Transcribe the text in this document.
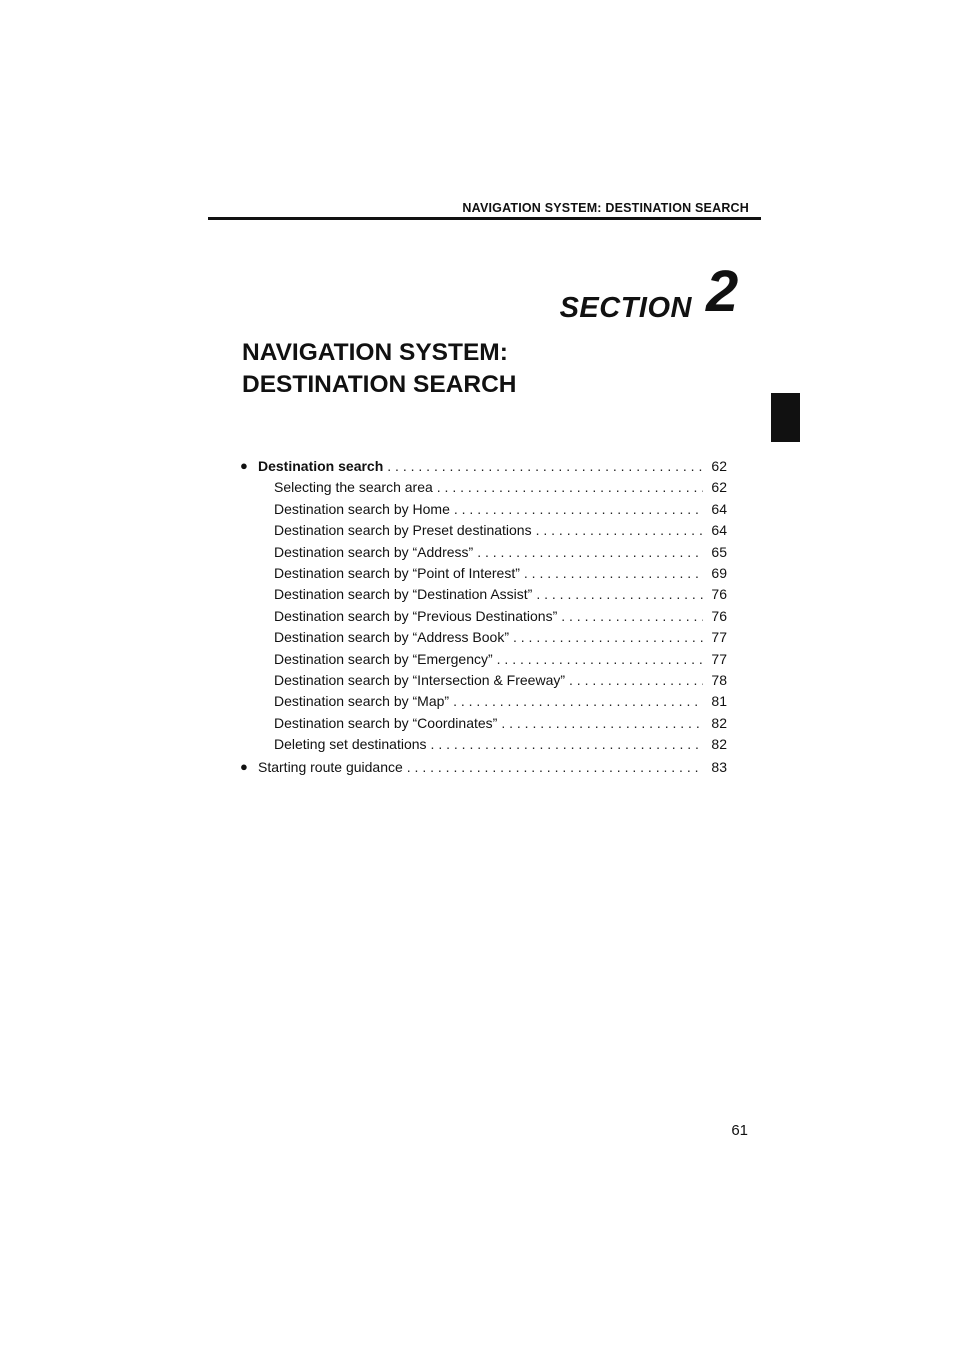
NAVIGATION SYSTEM: DESTINATION SEARCH
SECTION 2
NAVIGATION SYSTEM:
DESTINATION SEARCH
● Destination search . . .	62
Selecting the search area . . .	62
Destination search by Home . . .	64
Destination search by Preset destinations . . .	64
Destination search by “Address” . . .	65
Destination search by “Point of Interest” . . .	69
Destination search by “Destination Assist” . . .	76
Destination search by “Previous Destinations” . . .	76
Destination search by “Address Book” . . .	77
Destination search by “Emergency” . . .	77
Destination search by “Intersection & Freeway” . . .	78
Destination search by “Map” . . .	81
Destination search by “Coordinates” . . .	82
Deleting set destinations . . .	82
● Starting route guidance . . .	83
61
